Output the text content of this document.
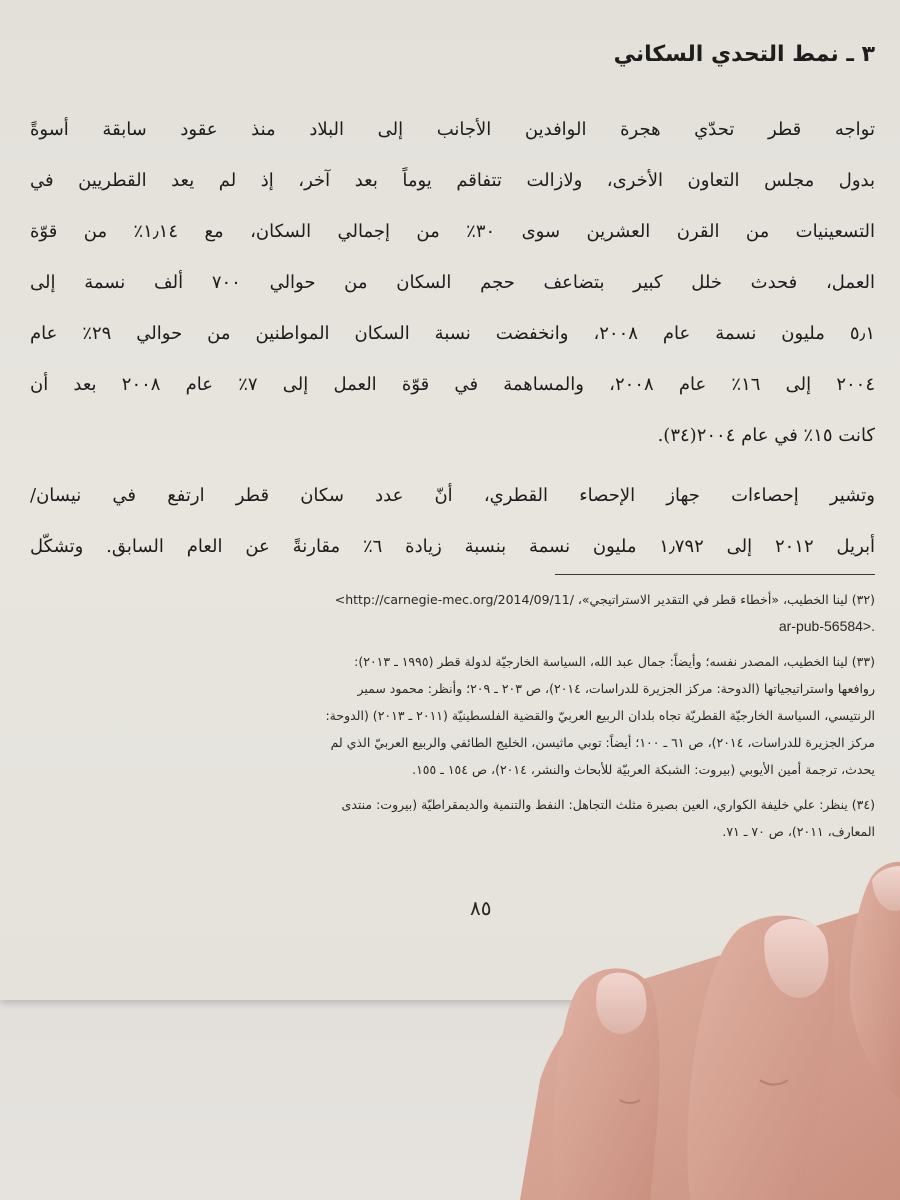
٣ ـ نمط التحدي السكاني
تواجه قطر تحدّي هجرة الوافدين الأجانب إلى البلاد منذ عقود سابقة أسوةً
بدول مجلس التعاون الأخرى، ولازالت تتفاقم يوماً بعد آخر، إذ لم يعد القطريين في
التسعينيات من القرن العشرين سوى ٣٠٪ من إجمالي السكان، مع ١٫١٤٪ من قوّة
العمل، فحدث خلل كبير بتضاعف حجم السكان من حوالي ٧٠٠ ألف نسمة إلى
٥٫١ مليون نسمة عام ٢٠٠٨، وانخفضت نسبة السكان المواطنين من حوالي ٢٩٪ عام
٢٠٠٤ إلى ١٦٪ عام ٢٠٠٨، والمساهمة في قوّة العمل إلى ٧٪ عام ٢٠٠٨ بعد أن
كانت ١٥٪ في عام ٢٠٠٤(٣٤).
وتشير إحصاءات جهاز الإحصاء القطري، أنّ عدد سكان قطر ارتفع في نيسان/
أبريل ٢٠١٢ إلى ١٫٧٩٢ مليون نسمة بنسبة زيادة ٦٪ مقارنةً عن العام السابق. وتشكّل
(٣٢) لينا الخطيب، «أخطاء قطر في التقدير الاستراتيجي»، /http://carnegie-mec.org/2014/09/11>
ar-pub-56584>.
(٣٣) لينا الخطيب، المصدر نفسه؛ وأيضاً: جمال عبد الله، السياسة الخارجيّة لدولة قطر (١٩٩٥ ـ ٢٠١٣):
روافعها واستراتيجياتها (الدوحة: مركز الجزيرة للدراسات، ٢٠١٤)، ص ٢٠٣ ـ ٢٠٩؛ وأنظر: محمود سمير
الرنتيسي، السياسة الخارجيّة القطريّة تجاه بلدان الربيع العربيّ والقضية الفلسطينيّة (٢٠١١ ـ ٢٠١٣) (الدوحة:
مركز الجزيرة للدراسات، ٢٠١٤)، ص ٦١ ـ ١٠٠؛ أيضاً: توبي ماثيسن، الخليج الطائفي والربيع العربيّ الذي لم
يحدث، ترجمة أمين الأيوبي (بيروت: الشبكة العربيّة للأبحاث والنشر، ٢٠١٤)، ص ١٥٤ ـ ١٥٥.
(٣٤) ينظر: علي خليفة الكواري، العين بصيرة مثلث التجاهل: النفط والتنمية والديمقراطيّة (بيروت: منتدى
المعارف، ٢٠١١)، ص ٧٠ ـ ٧١.
٨٥
